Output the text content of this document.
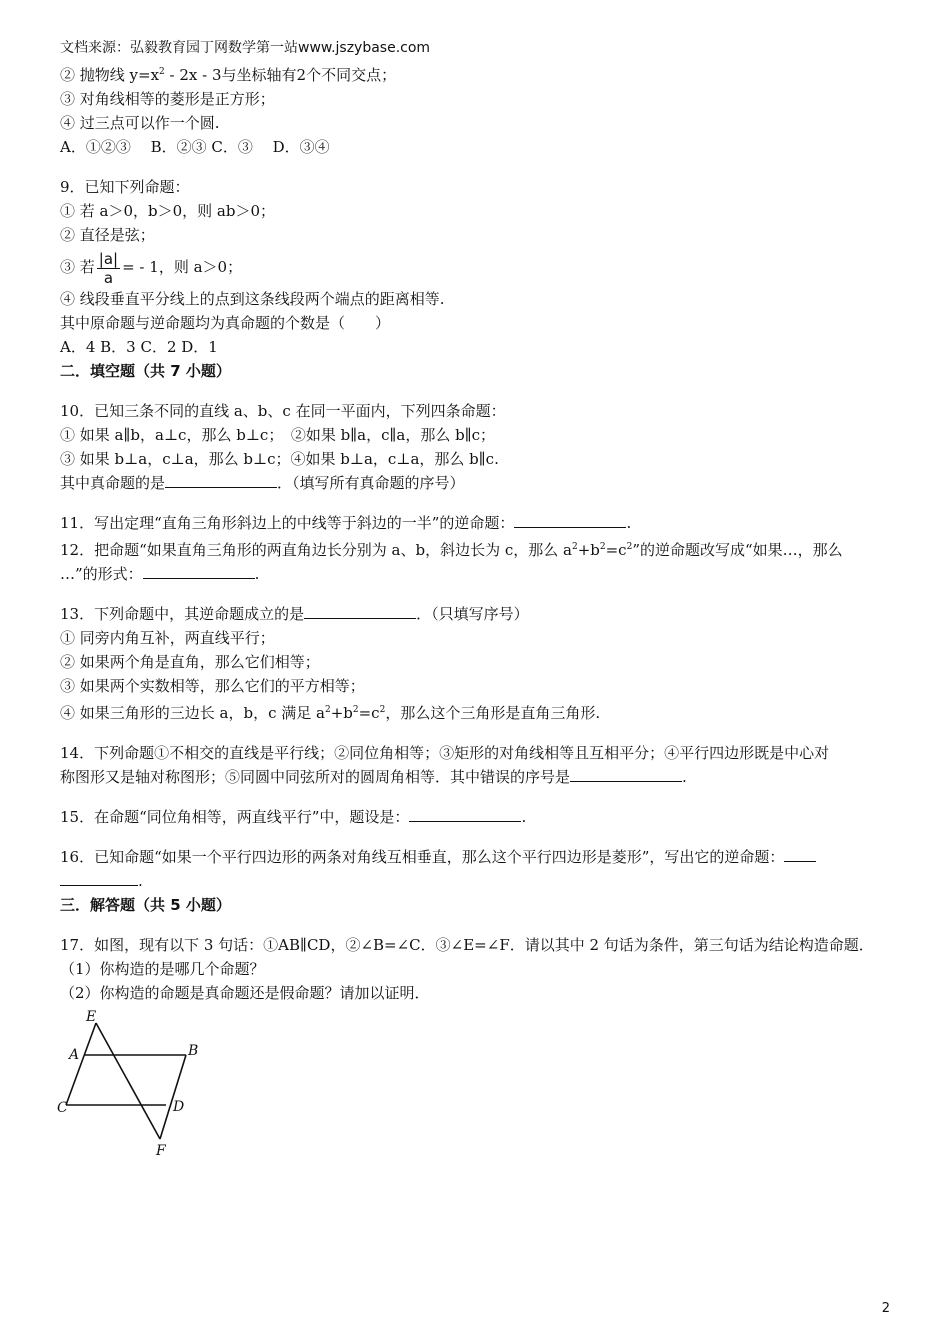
文档来源：弘毅教育园丁网数学第一站www.jszybase.com
② 抛物线 $y=x^2 - 2x - 3$与坐标轴有2个不同交点；
③ 对角线相等的菱形是正方形；
④ 过三点可以作一个圆.
A．①②③　 B．②③ C．③　 D．③④
9．已知下列命题：
① 若 a＞0，b＞0，则 ab＞0；
② 直径是弦；
③ 若 $\frac{|a|}{a}$ = - 1，则 a＞0；
④ 线段垂直平分线上的点到这条线段两个端点的距离相等.
其中原命题与逆命题均为真命题的个数是（　　）
A．4 B．3 C．2 D．1
二．填空题（共 7 小题）
10．已知三条不同的直线 a、b、c 在同一平面内，下列四条命题：
① 如果 a∥b，a⊥c，那么 b⊥c；　②如果 b∥a，c∥a，那么 b∥c；
③ 如果 b⊥a，c⊥a，那么 b⊥c；④如果 b⊥a，c⊥a，那么 b∥c.
其中真命题的是	．（填写所有真命题的序号）
11．写出定理“直角三角形斜边上的中线等于斜边的一半”的逆命题：	.
12．把命题“如果直角三角形的两直角边长分别为 a、b，斜边长为 c，那么 $a^2+b^2=c^2$”的逆命题改写成“如果…，那么
…”的形式：	.
13．下列命题中，其逆命题成立的是	．（只填写序号）
① 同旁内角互补，两直线平行；
② 如果两个角是直角，那么它们相等；
③ 如果两个实数相等，那么它们的平方相等；
④ 如果三角形的三边长 a，b，c 满足 $a^2+b^2=c^2$，那么这个三角形是直角三角形.
14．下列命题①不相交的直线是平行线；②同位角相等；③矩形的对角线相等且互相平分；④平行四边形既是中心对
称图形又是轴对称图形；⑤同圆中同弦所对的圆周角相等．其中错误的序号是	.
15．在命题“同位角相等，两直线平行”中，题设是：	.
16．已知命题“如果一个平行四边形的两条对角线互相垂直，那么这个平行四边形是菱形”，写出它的逆命题：
.
三．解答题（共 5 小题）
17．如图，现有以下 3 句话：①AB∥CD，②∠B=∠C．③∠E=∠F．请以其中 2 句话为条件，第三句话为结论构造命题．
（1）你构造的是哪几个命题？
（2）你构造的命题是真命题还是假命题？请加以证明．
E
A	B
C	D
F
2
